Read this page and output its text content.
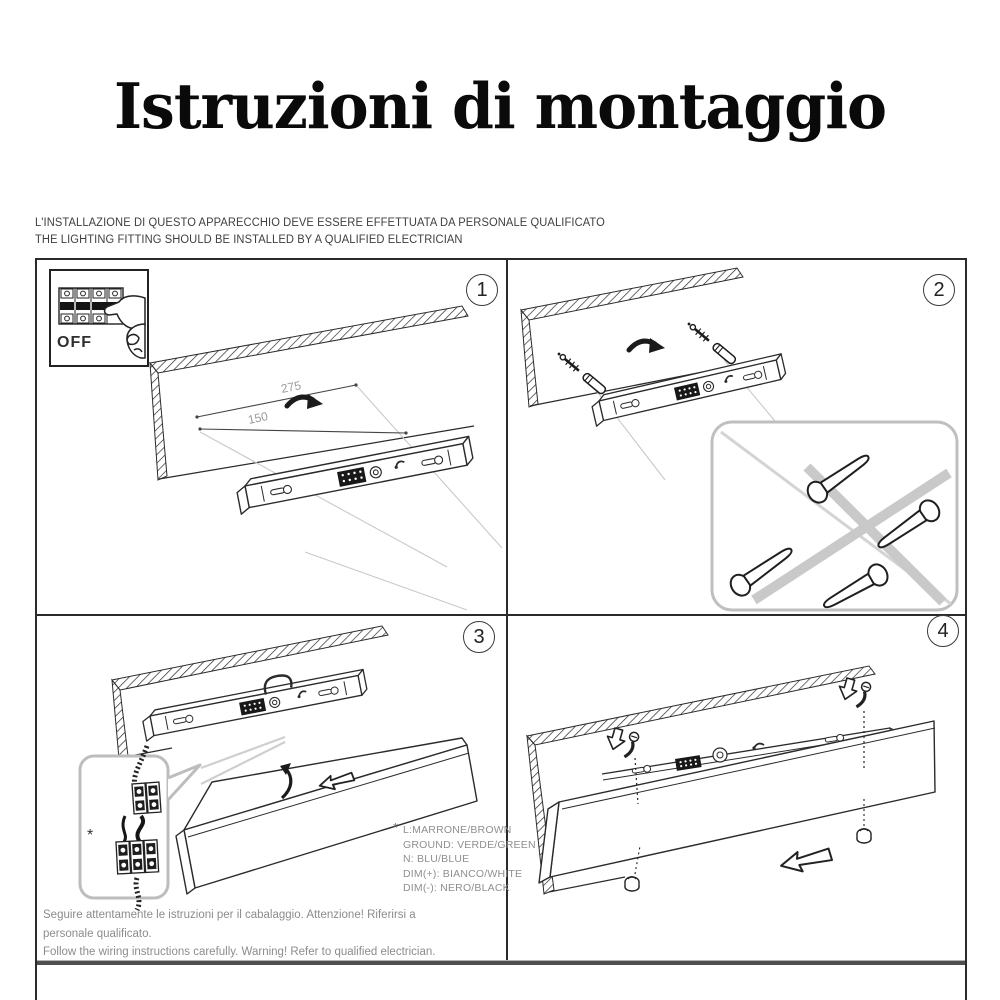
Istruzioni di montaggio
L'INSTALLAZIONE DI QUESTO APPARECCHIO DEVE ESSERE EFFETTUATA DA PERSONALE QUALIFICATO
THE LIGHTING FITTING SHOULD BE INSTALLED BY A QUALIFIED ELECTRICIAN
OFF
275
150
*
1	2
3	4
* L:MARRONE/BROWN
GROUND: VERDE/GREEN
N: BLU/BLUE
DIM(+): BIANCO/WHITE
DIM(-): NERO/BLACK
Seguire attentamente le istruzioni per il cabalaggio. Attenzione! Riferirsi a
personale qualificato.
Follow the wiring instructions carefully. Warning! Refer to qualified electrician.
